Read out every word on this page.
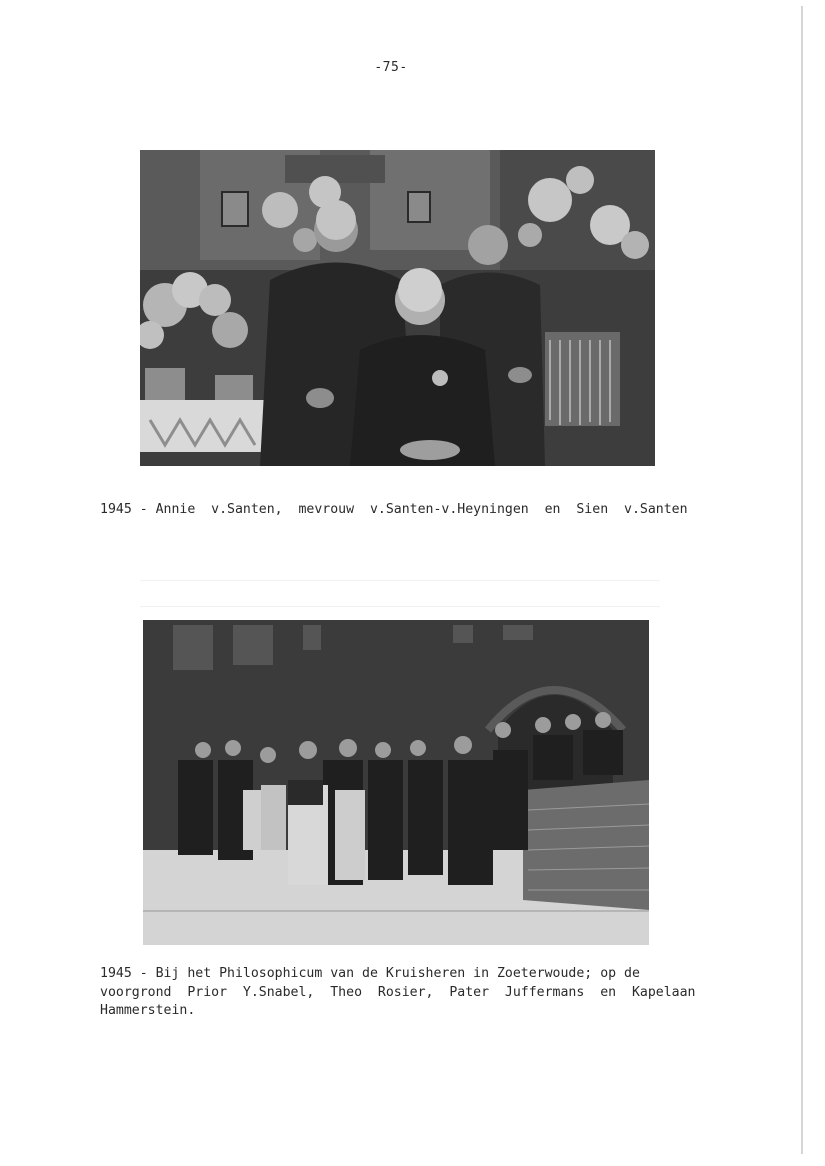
-75-
1945 - Annie  v.Santen,  mevrouw  v.Santen-v.Heyningen  en  Sien  v.Santen
1945 - Bij het Philosophicum van de Kruisheren in Zoeterwoude; op de
voorgrond  Prior  Y.Snabel,  Theo  Rosier,  Pater  Juffermans  en  Kapelaan
Hammerstein.
